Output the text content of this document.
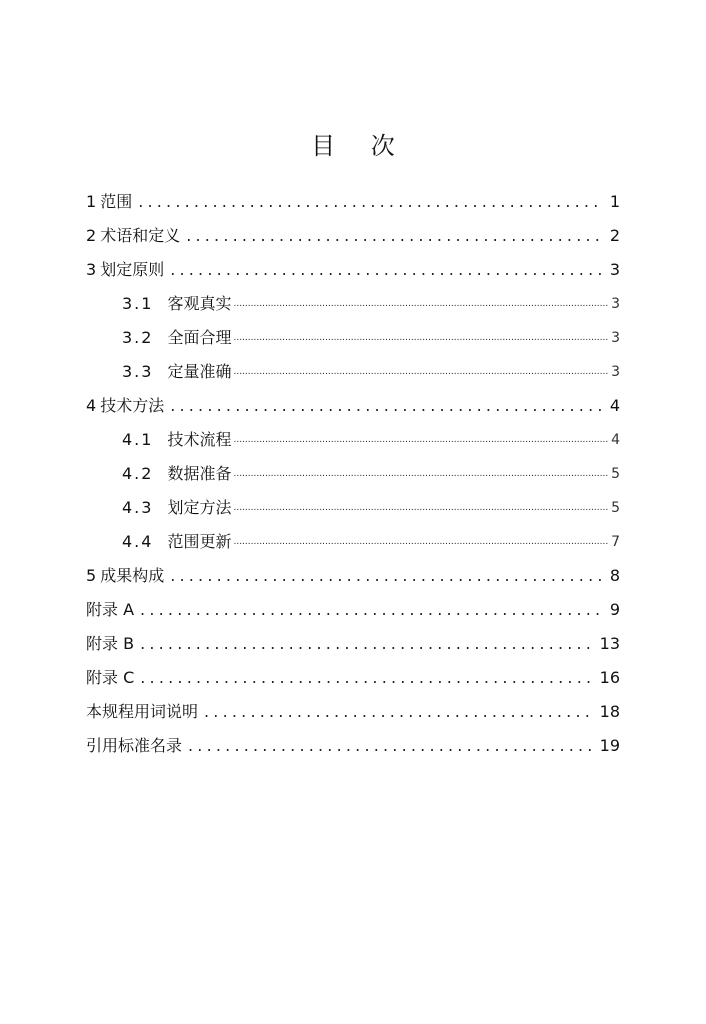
目 次
1 范围 .....	1
2 术语和定义 .....	2
3 划定原则 .....	3
3.1 客观真实 .....	3
3.2 全面合理 .....	3
3.3 定量准确 .....	3
4 技术方法 .....	4
4.1 技术流程 .....	4
4.2 数据准备 .....	5
4.3 划定方法 .....	5
4.4 范围更新 .....	7
5 成果构成 .....	8
附录 A .....	9
附录 B .....	13
附录 C .....	16
本规程用词说明 .....	18
引用标准名录 .....	19
